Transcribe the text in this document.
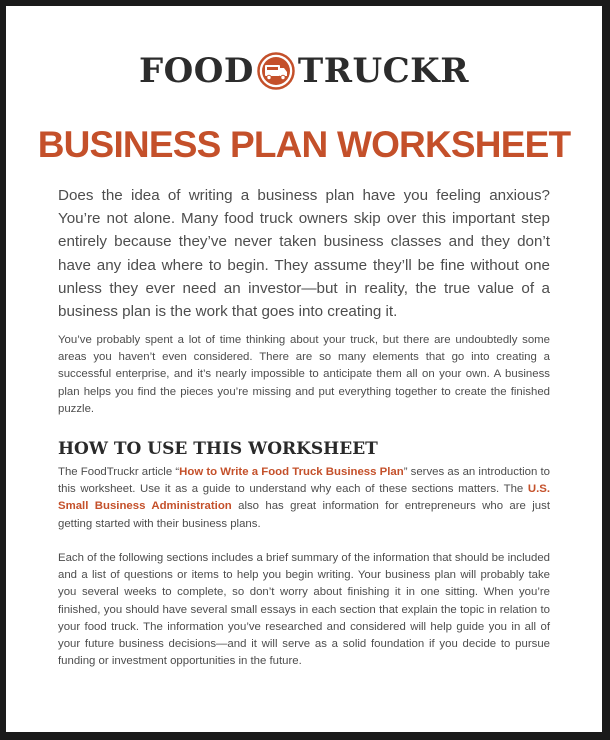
FOOD TRUCKR
BUSINESS PLAN WORKSHEET

Does the idea of writing a business plan have you feeling anxious? You’re not alone. Many food truck owners skip over this important step entirely because they’ve never taken business classes and they don’t have any idea where to begin. They assume they’ll be fine without one unless they ever need an investor—but in reality, the true value of a business plan is the work that goes into creating it.

You’ve probably spent a lot of time thinking about your truck, but there are undoubtedly some areas you haven’t even considered. There are so many elements that go into creating a successful enterprise, and it’s nearly impossible to anticipate them all on your own. A business plan helps you find the pieces you’re missing and put everything together to create the finished puzzle.

HOW TO USE THIS WORKSHEET

The FoodTruckr article “How to Write a Food Truck Business Plan” serves as an introduction to this worksheet. Use it as a guide to understand why each of these sections matters. The U.S. Small Business Administration also has great information for entrepreneurs who are just getting started with their business plans.

Each of the following sections includes a brief summary of the information that should be included and a list of questions or items to help you begin writing. Your business plan will probably take you several weeks to complete, so don’t worry about finishing it in one sitting. When you’re finished, you should have several small essays in each section that explain the topic in relation to your food truck. The information you’ve researched and considered will help guide you in all of your future business decisions—and it will serve as a solid foundation if you decide to pursue funding or investment opportunities in the future.
